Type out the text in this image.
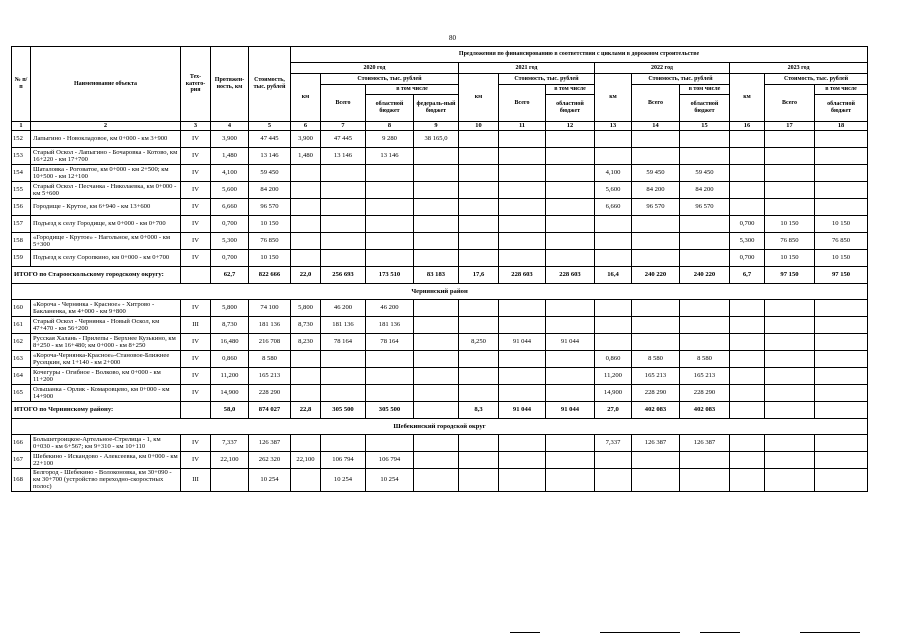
80
№ п/п	Наименование объекта	Тех-катего-рия	Протяжен-ность, км	Стоимость, тыс. рублей	Предложения по финансированию в соответствии с циклами в дорожном строительстве												
					2020 год				2021 год			2022 год			2023 год		
					км	Стоимость, тыс. рублей			км	Стоимость, тыс. рублей		км	Стоимость, тыс. рублей		км	Стоимость, тыс. рублей	
						Всего	в том числе			Всего	в том числе		Всего	в том числе		Всего	в том числе
							областной бюджет	федераль-ный бюджет			областной бюджет			областной бюджет			областной бюджет
1	2	3	4	5	6	7	8	9	10	11	12	13	14	15	16	17	18
152	Лапыгино - Новокладовое, км 0+000 - км 3+900	IV	3,900	47 445	3,900	47 445	9 280	38 165,0									
153	Старый Оскол - Лапыгино - Бочаровка - Котово, км 16+220 - км 17+700	IV	1,480	13 146	1,480	13 146	13 146										
154	Шаталовка - Роговатое, км 0+000 - км 2+500; км 10+500 - км 12+100	IV	4,100	59 450								4,100	59 450	59 450			
155	Старый Оскол - Песчанка - Николаевка, км 0+000 - км 5+600	IV	5,600	84 200								5,600	84 200	84 200			
156	Городище - Крутое, км 6+940 - км 13+600	IV	6,660	96 570								6,660	96 570	96 570			
157	Подъезд к селу Городище, км 0+000 - км 0+700	IV	0,700	10 150											0,700	10 150	10 150
158	«Городище - Крутое» - Нагольное, км 0+000 - км 5+300	IV	5,300	76 850											5,300	76 850	76 850
159	Подъезд к селу Соропкино, км 0+000 - км 0+700	IV	0,700	10 150											0,700	10 150	10 150
ИТОГО по Старооскольскому городскому округу:			62,7	822 666	22,0	256 693	173 510	83 183	17,6	228 603	228 603	16,4	240 220	240 220	6,7	97 150	97 150
Чернянский район																	
160	«Короча - Чернянка - Красное» - Хитрово - Бакланенка, км 4+000 - км 9+800	IV	5,800	74 100	5,800	46 200	46 200										
161	Старый Оскол - Чернянка - Новый Оскол, км 47+470 - км 56+200	III	8,730	181 136	8,730	181 136	181 136										
162	Русская Халань - Прилепы - Верхнее Кузькино, км 8+250 - км 16+480; км 0+000 - км 8+250	IV	16,480	216 708	8,230	78 164	78 164		8,250	91 044	91 044						
163	«Короча-Чернянка-Красное»-Становое-Ближнее Русецкин, км 1+140 - км 2+000	IV	0,860	8 580								0,860	8 580	8 580			
164	Кочегуры - Огибное - Волково, км 0+000 - км 11+200	IV	11,200	165 213								11,200	165 213	165 213			
165	Ольшанка - Орлик - Комаровцево, км 0+000 - км 14+900	IV	14,900	228 290								14,900	228 290	228 290			
ИТОГО по Чернянскому району:			58,0	874 027	22,8	305 500	305 500		8,3	91 044	91 044	27,0	402 083	402 083			
Шебекинский городской округ																	
166	Большетроицкое-Артельное-Стрелица - 1, км 0+030 - км 6+567; км 9+310 - км 10+110	IV	7,337	126 387								7,337	126 387	126 387			
167	Шебекино - Искандово - Алексеевка, км 0+000 - км 22+100	IV	22,100	262 320	22,100	106 794	106 794										
168	Белгород - Шебекино - Волоконовка, км 30+090 - км 30+700 (устройство переходно-скоростных полос)	III		10 254		10 254	10 254										
